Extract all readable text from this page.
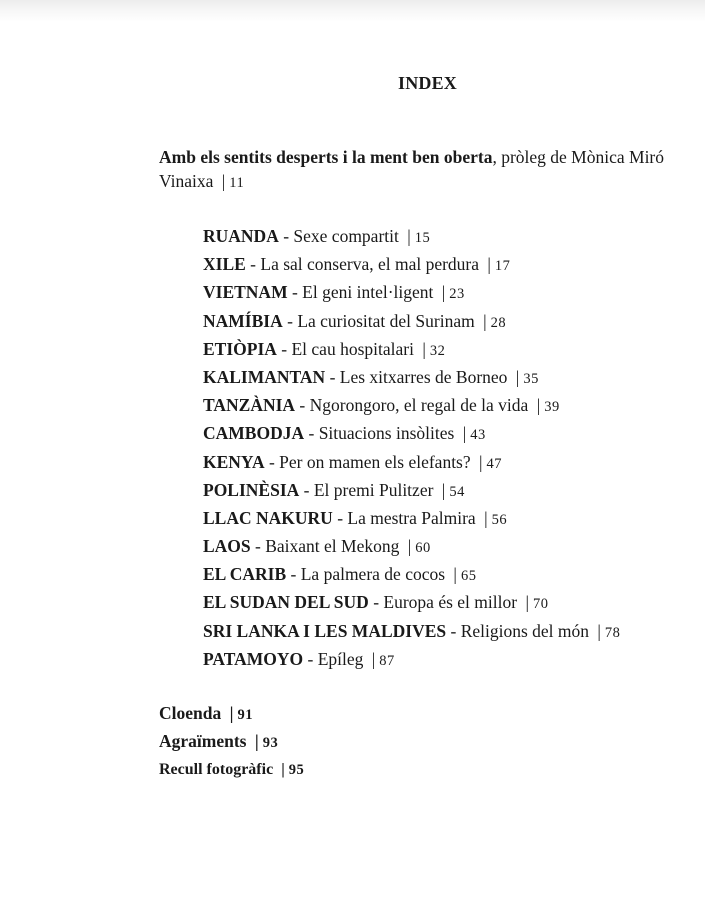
INDEX
Amb els sentits desperts i la ment ben oberta, pròleg de Mònica Miró Vinaixa | 11
RUANDA - Sexe compartit | 15
XILE - La sal conserva, el mal perdura | 17
VIETNAM - El geni intel·ligent | 23
NAMÍBIA - La curiositat del Surinam | 28
ETIÒPIA - El cau hospitalari | 32
KALIMANTAN - Les xitxarres de Borneo | 35
TANZÀNIA - Ngorongoro, el regal de la vida | 39
CAMBODJA - Situacions insòlites | 43
KENYA - Per on mamen els elefants? | 47
POLINÈSIA - El premi Pulitzer | 54
LLAC NAKURU - La mestra Palmira | 56
LAOS - Baixant el Mekong | 60
EL CARIB - La palmera de cocos | 65
EL SUDAN DEL SUD - Europa és el millor | 70
SRI LANKA I LES MALDIVES - Religions del món | 78
PATAMOYO - Epíleg | 87
Cloenda | 91
Agraïments | 93
Recull fotogràfic | 95
